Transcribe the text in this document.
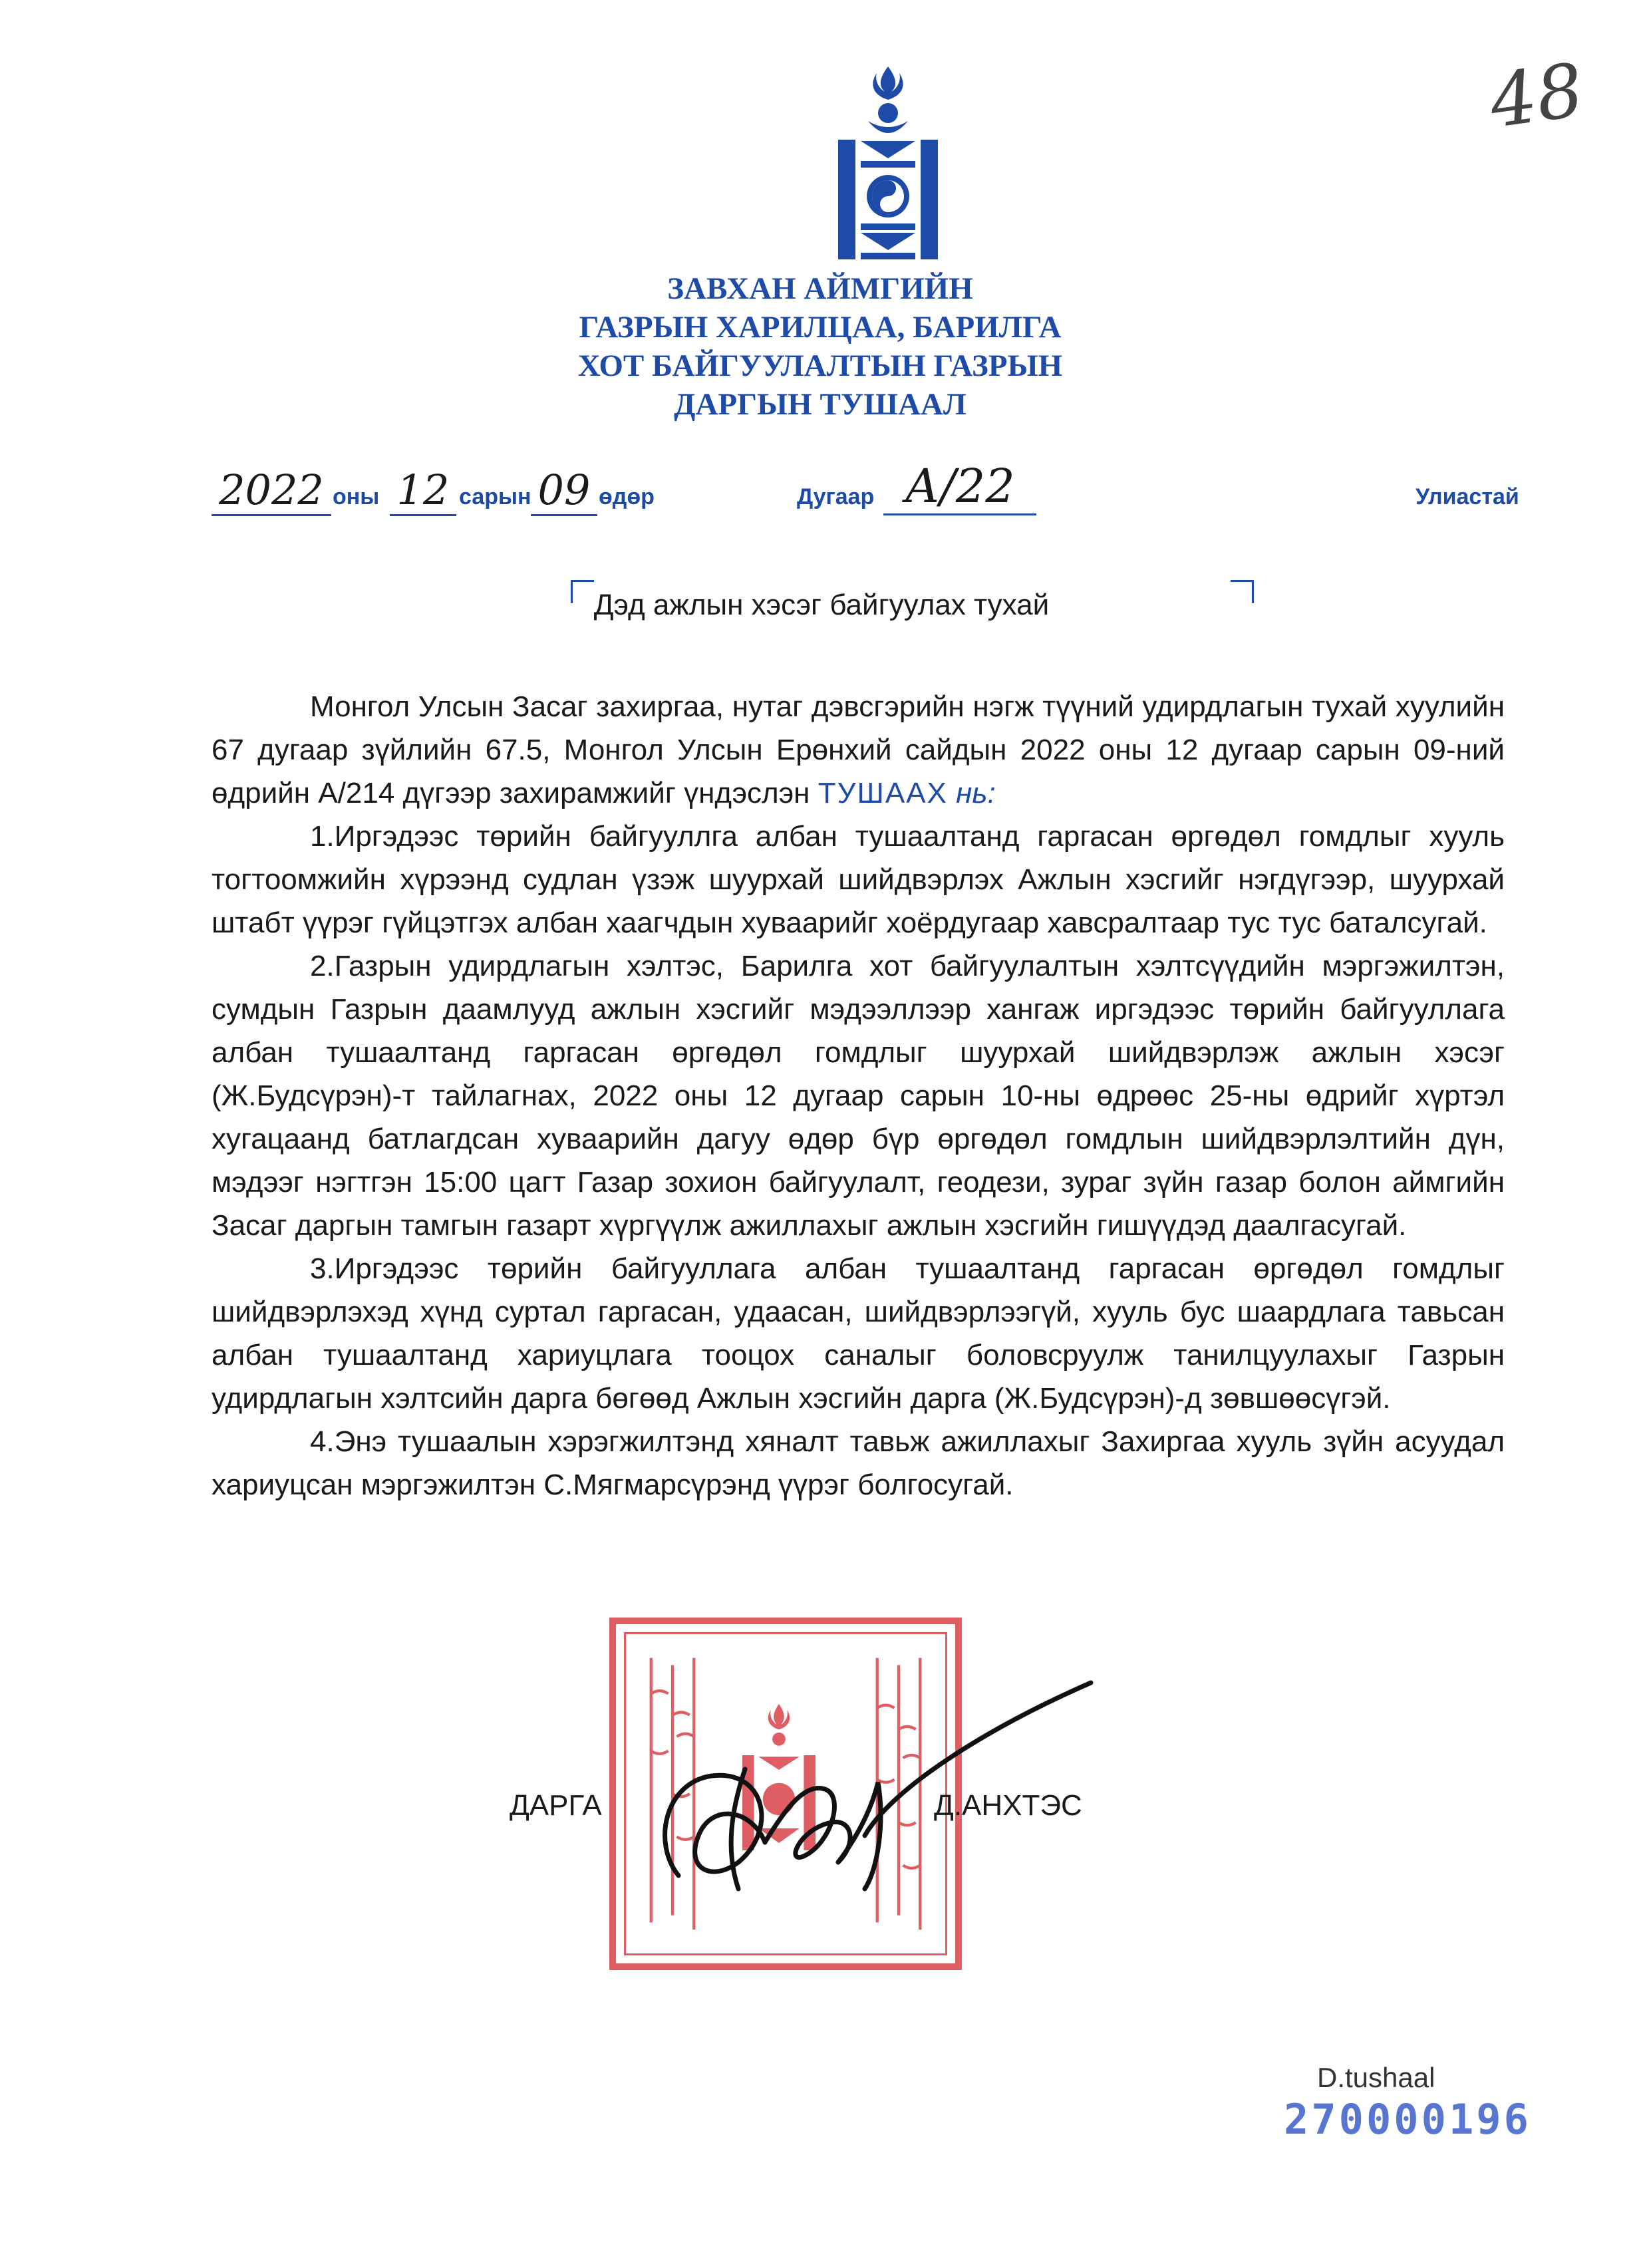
48
ЗАВХАН АЙМГИЙН
ГАЗРЫН ХАРИЛЦАА, БАРИЛГА
ХОТ БАЙГУУЛАЛТЫН ГАЗРЫН
ДАРГЫН ТУШААЛ
2022 оны 12 сарын 09 өдөр	Дугаар А/22	Улиастай
Дэд ажлын хэсэг байгуулах тухай

Монгол Улсын Засаг захиргаа, нутаг дэвсгэрийн нэгж түүний удирдлагын тухай хуулийн 67 дугаар зүйлийн 67.5, Монгол Улсын Ерөнхий сайдын 2022 оны 12 дугаар сарын 09-ний өдрийн А/214 дүгээр захирамжийг үндэслэн ТУШААХ нь:

1.Иргэдээс төрийн байгууллга албан тушаалтанд гаргасан өргөдөл гомдлыг хууль тогтоомжийн хүрээнд судлан үзэж шуурхай шийдвэрлэх Ажлын хэсгийг нэгдүгээр, шуурхай штабт үүрэг гүйцэтгэх албан хаагчдын хуваарийг хоёрдугаар хавсралтаар тус тус баталсугай.

2.Газрын удирдлагын хэлтэс, Барилга хот байгуулалтын хэлтсүүдийн мэргэжилтэн, сумдын Газрын даамлууд ажлын хэсгийг мэдээллээр хангаж иргэдээс төрийн байгууллага албан тушаалтанд гаргасан өргөдөл гомдлыг шуурхай шийдвэрлэж ажлын хэсэг (Ж.Будсүрэн)-т тайлагнах, 2022 оны 12 дугаар сарын 10-ны өдрөөс 25-ны өдрийг хүртэл хугацаанд батлагдсан хуваарийн дагуу өдөр бүр өргөдөл гомдлын шийдвэрлэлтийн дүн, мэдээг нэгтгэн 15:00 цагт Газар зохион байгуулалт, геодези, зураг зүйн газар болон аймгийн Засаг даргын тамгын газарт хүргүүлж ажиллахыг ажлын хэсгийн гишүүдэд даалгасугай.

3.Иргэдээс төрийн байгууллага албан тушаалтанд гаргасан өргөдөл гомдлыг шийдвэрлэхэд хүнд суртал гаргасан, удаасан, шийдвэрлээгүй, хууль бус шаардлага тавьсан албан тушаалтанд хариуцлага тооцох саналыг боловсруулж танилцуулахыг Газрын удирдлагын хэлтсийн дарга бөгөөд Ажлын хэсгийн дарга (Ж.Будсүрэн)-д зөвшөөсүгэй.

4.Энэ тушаалын хэрэгжилтэнд хяналт тавьж ажиллахыг Захиргаа хууль зүйн асуудал хариуцсан мэргэжилтэн С.Мягмарсүрэнд үүрэг болгосугай.

ДАРГА	Д.АНХТЭС
D.tushaal
270000196
